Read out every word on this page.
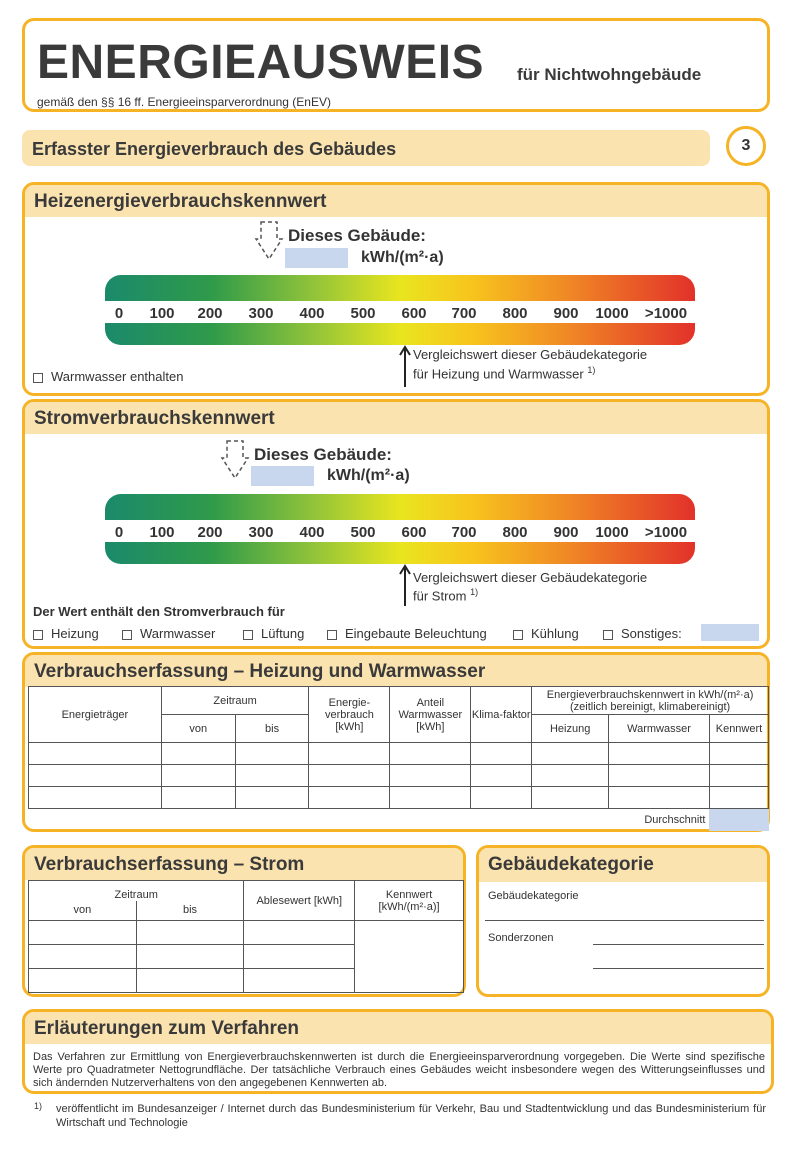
ENERGIEAUSWEIS für Nichtwohngebäude
gemäß den §§ 16 ff. Energieeinsparverordnung (EnEV)
Erfasster Energieverbrauch des Gebäudes	3
Heizenergieverbrauchskennwert
Dieses Gebäude:
kWh/(m²·a)
0 100 200 300 400 500 600 700 800 900 1000 >1000
Vergleichswert dieser Gebäudekategorie
für Heizung und Warmwasser $^{1)}$
Warmwasser enthalten
Stromverbrauchskennwert
Dieses Gebäude:
kWh/(m²·a)
0 100 200 300 400 500 600 700 800 900 1000 >1000
Vergleichswert dieser Gebäudekategorie
für Strom $^{1)}$
Der Wert enthält den Stromverbrauch für
Heizung	Warmwasser	Lüftung	Eingebaute Beleuchtung	Kühlung	Sonstiges:
Verbrauchserfassung – Heizung und Warmwasser
Energieträger	Zeitraum		Energie-verbrauch [kWh]	Anteil Warmwasser [kWh]	Klima-faktor	Energieverbrauchskennwert in kWh/(m²·a) (zeitlich bereinigt, klimabereinigt)		
	von	bis				Heizung	Warmwasser	Kennwert

Durchschnitt								
Verbrauchserfassung – Strom
Zeitraum		Ablesewert [kWh]	Kennwert [kWh/(m²·a)]
von	bis		

Gebäudekategorie
Gebäudekategorie
Sonderzonen
Erläuterungen zum Verfahren
Das Verfahren zur Ermittlung von Energieverbrauchskennwerten ist durch die Energieeinsparverordnung vorgegeben. Die Werte sind spezifische Werte pro Quadratmeter Nettogrundfläche. Der tatsächliche Verbrauch eines Gebäudes weicht insbesondere wegen des Witterungseinflusses und sich ändernden Nutzerverhaltens von den angegebenen Kennwerten ab.
1) veröffentlicht im Bundesanzeiger / Internet durch das Bundesministerium für Verkehr, Bau und Stadtentwicklung und das Bundesministerium für Wirtschaft und Technologie
